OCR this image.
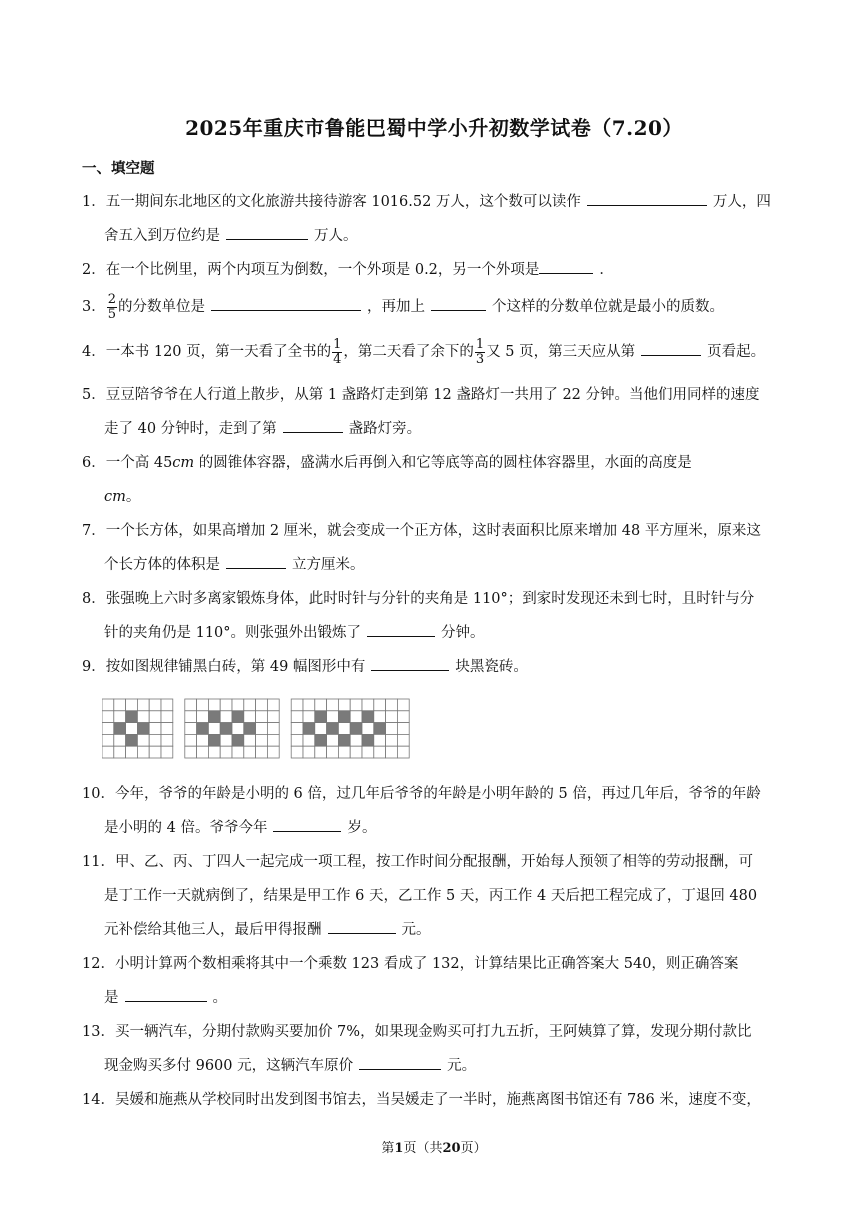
2025年重庆市鲁能巴蜀中学小升初数学试卷（7.20）
一、填空题
1．五一期间东北地区的文化旅游共接待游客 1016.52 万人，这个数可以读作	万人，四
舍五入到万位约是	万人。
2．在一个比例里，两个内项互为倒数，一个外项是 0.2，另一个外项是	．
3． $\frac{2}{5}$ 的分数单位是	，再加上	个这样的分数单位就是最小的质数。
4．一本书 120 页，第一天看了全书的 $\frac{1}{4}$ ，第二天看了余下的 $\frac{1}{3}$ 又 5 页，第三天应从第	页看起。
5．豆豆陪爷爷在人行道上散步，从第 1 盏路灯走到第 12 盏路灯一共用了 22 分钟。当他们用同样的速度
走了 40 分钟时，走到了第	盏路灯旁。
6．一个高 45cm 的圆锥体容器，盛满水后再倒入和它等底等高的圆柱体容器里，水面的高度是
cm。
7．一个长方体，如果高增加 2 厘米，就会变成一个正方体，这时表面积比原来增加 48 平方厘米，原来这
个长方体的体积是	立方厘米。
8．张强晚上六时多离家锻炼身体，此时时针与分针的夹角是 110°；到家时发现还未到七时，且时针与分
针的夹角仍是 110°。则张强外出锻炼了	分钟。
9．按如图规律铺黑白砖，第 49 幅图形中有	块黑瓷砖。
10．今年，爷爷的年龄是小明的 6 倍，过几年后爷爷的年龄是小明年龄的 5 倍，再过几年后，爷爷的年龄
是小明的 4 倍。爷爷今年	岁。
11．甲、乙、丙、丁四人一起完成一项工程，按工作时间分配报酬，开始每人预领了相等的劳动报酬，可
是丁工作一天就病倒了，结果是甲工作 6 天，乙工作 5 天，丙工作 4 天后把工程完成了，丁退回 480
元补偿给其他三人，最后甲得报酬	元。
12．小明计算两个数相乘将其中一个乘数 123 看成了 132，计算结果比正确答案大 540，则正确答案
是	。
13．买一辆汽车，分期付款购买要加价 7%，如果现金购买可打九五折，王阿姨算了算，发现分期付款比
现金购买多付 9600 元，这辆汽车原价	元。
14．吴媛和施燕从学校同时出发到图书馆去，当吴媛走了一半时，施燕离图书馆还有 786 米，速度不变，
第1页（共20页）
